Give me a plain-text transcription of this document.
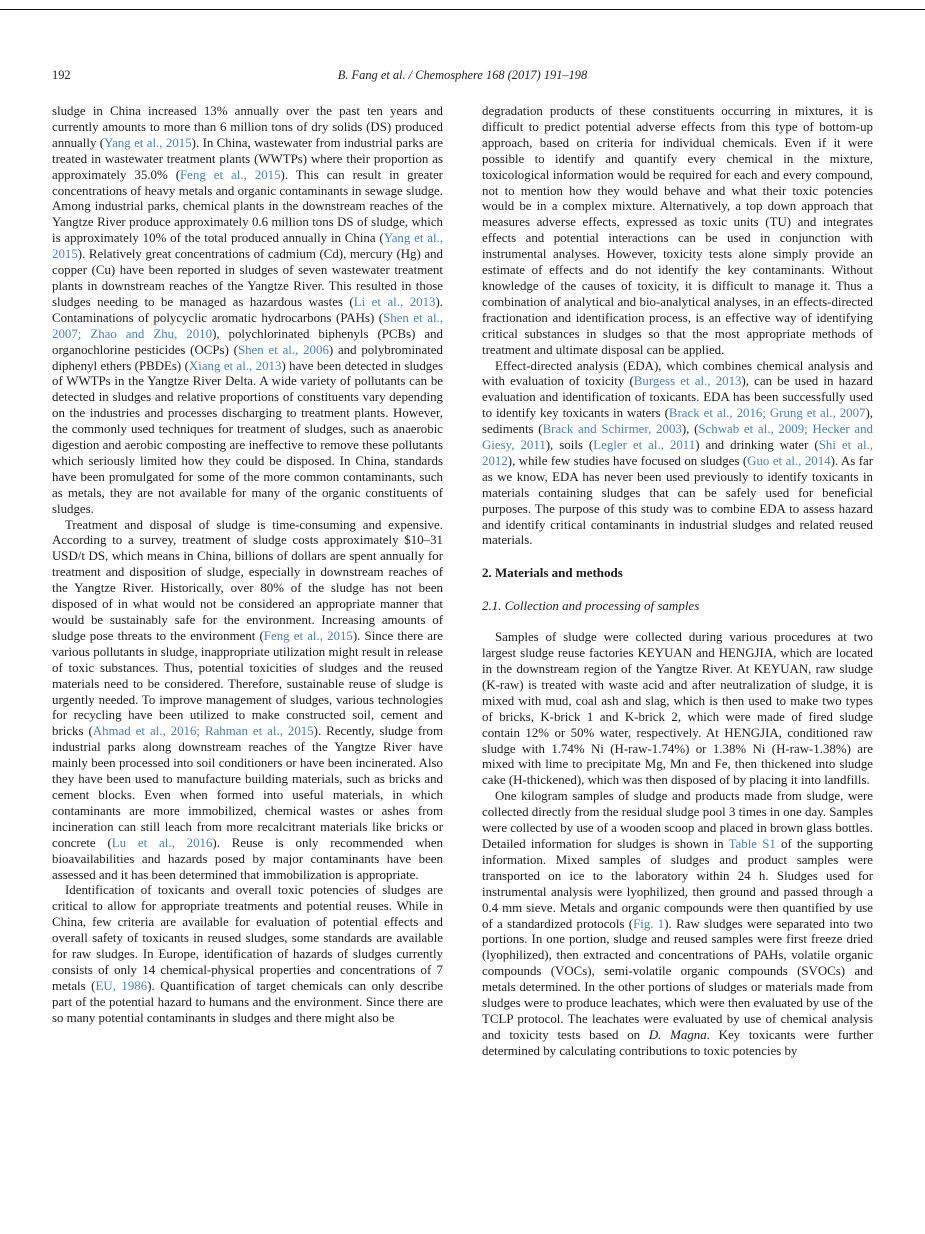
192	B. Fang et al. / Chemosphere 168 (2017) 191–198

sludge in China increased 13% annually over the past ten years and currently amounts to more than 6 million tons of dry solids (DS) produced annually (Yang et al., 2015). In China, wastewater from industrial parks are treated in wastewater treatment plants (WWTPs) where their proportion as approximately 35.0% (Feng et al., 2015). This can result in greater concentrations of heavy metals and organic contaminants in sewage sludge. Among industrial parks, chemical plants in the downstream reaches of the Yangtze River produce approximately 0.6 million tons DS of sludge, which is approximately 10% of the total produced annually in China (Yang et al., 2015). Relatively great concentrations of cadmium (Cd), mercury (Hg) and copper (Cu) have been reported in sludges of seven wastewater treatment plants in downstream reaches of the Yangtze River. This resulted in those sludges needing to be managed as hazardous wastes (Li et al., 2013). Contaminations of polycyclic aromatic hydrocarbons (PAHs) (Shen et al., 2007; Zhao and Zhu, 2010), polychlorinated biphenyls (PCBs) and organochlorine pesticides (OCPs) (Shen et al., 2006) and polybrominated diphenyl ethers (PBDEs) (Xiang et al., 2013) have been detected in sludges of WWTPs in the Yangtze River Delta. A wide variety of pollutants can be detected in sludges and relative proportions of constituents vary depending on the industries and processes discharging to treatment plants. However, the commonly used techniques for treatment of sludges, such as anaerobic digestion and aerobic composting are ineffective to remove these pollutants which seriously limited how they could be disposed. In China, standards have been promulgated for some of the more common contaminants, such as metals, they are not available for many of the organic constituents of sludges.

Treatment and disposal of sludge is time-consuming and expensive. According to a survey, treatment of sludge costs approximately $10–31 USD/t DS, which means in China, billions of dollars are spent annually for treatment and disposition of sludge, especially in downstream reaches of the Yangtze River. Historically, over 80% of the sludge has not been disposed of in what would not be considered an appropriate manner that would be sustainably safe for the environment. Increasing amounts of sludge pose threats to the environment (Feng et al., 2015). Since there are various pollutants in sludge, inappropriate utilization might result in release of toxic substances. Thus, potential toxicities of sludges and the reused materials need to be considered. Therefore, sustainable reuse of sludge is urgently needed. To improve management of sludges, various technologies for recycling have been utilized to make constructed soil, cement and bricks (Ahmad et al., 2016; Rahman et al., 2015). Recently, sludge from industrial parks along downstream reaches of the Yangtze River have mainly been processed into soil conditioners or have been incinerated. Also they have been used to manufacture building materials, such as bricks and cement blocks. Even when formed into useful materials, in which contaminants are more immobilized, chemical wastes or ashes from incineration can still leach from more recalcitrant materials like bricks or concrete (Lu et al., 2016). Reuse is only recommended when bioavailabilities and hazards posed by major contaminants have been assessed and it has been determined that immobilization is appropriate.

Identification of toxicants and overall toxic potencies of sludges are critical to allow for appropriate treatments and potential reuses. While in China, few criteria are available for evaluation of potential effects and overall safety of toxicants in reused sludges, some standards are available for raw sludges. In Europe, identification of hazards of sludges currently consists of only 14 chemical-physical properties and concentrations of 7 metals (EU, 1986). Quantification of target chemicals can only describe part of the potential hazard to humans and the environment. Since there are so many potential contaminants in sludges and there might also be

degradation products of these constituents occurring in mixtures, it is difficult to predict potential adverse effects from this type of bottom-up approach, based on criteria for individual chemicals. Even if it were possible to identify and quantify every chemical in the mixture, toxicological information would be required for each and every compound, not to mention how they would behave and what their toxic potencies would be in a complex mixture. Alternatively, a top down approach that measures adverse effects, expressed as toxic units (TU) and integrates effects and potential interactions can be used in conjunction with instrumental analyses. However, toxicity tests alone simply provide an estimate of effects and do not identify the key contaminants. Without knowledge of the causes of toxicity, it is difficult to manage it. Thus a combination of analytical and bio-analytical analyses, in an effects-directed fractionation and identification process, is an effective way of identifying critical substances in sludges so that the most appropriate methods of treatment and ultimate disposal can be applied.

Effect-directed analysis (EDA), which combines chemical analysis and with evaluation of toxicity (Burgess et al., 2013), can be used in hazard evaluation and identification of toxicants. EDA has been successfully used to identify key toxicants in waters (Brack et al., 2016; Grung et al., 2007), sediments (Brack and Schirmer, 2003), (Schwab et al., 2009; Hecker and Giesy, 2011), soils (Legler et al., 2011) and drinking water (Shi et al., 2012), while few studies have focused on sludges (Guo et al., 2014). As far as we know, EDA has never been used previously to identify toxicants in materials containing sludges that can be safely used for beneficial purposes. The purpose of this study was to combine EDA to assess hazard and identify critical contaminants in industrial sludges and related reused materials.

2. Materials and methods
2.1. Collection and processing of samples

Samples of sludge were collected during various procedures at two largest sludge reuse factories KEYUAN and HENGJIA, which are located in the downstream region of the Yangtze River. At KEYUAN, raw sludge (K-raw) is treated with waste acid and after neutralization of sludge, it is mixed with mud, coal ash and slag, which is then used to make two types of bricks, K-brick 1 and K-brick 2, which were made of fired sludge contain 12% or 50% water, respectively. At HENGJIA, conditioned raw sludge with 1.74% Ni (H-raw-1.74%) or 1.38% Ni (H-raw-1.38%) are mixed with lime to precipitate Mg, Mn and Fe, then thickened into sludge cake (H-thickened), which was then disposed of by placing it into landfills.

One kilogram samples of sludge and products made from sludge, were collected directly from the residual sludge pool 3 times in one day. Samples were collected by use of a wooden scoop and placed in brown glass bottles. Detailed information for sludges is shown in Table S1 of the supporting information. Mixed samples of sludges and product samples were transported on ice to the laboratory within 24 h. Sludges used for instrumental analysis were lyophilized, then ground and passed through a 0.4 mm sieve. Metals and organic compounds were then quantified by use of a standardized protocols (Fig. 1). Raw sludges were separated into two portions. In one portion, sludge and reused samples were first freeze dried (lyophilized), then extracted and concentrations of PAHs, volatile organic compounds (VOCs), semi-volatile organic compounds (SVOCs) and metals determined. In the other portions of sludges or materials made from sludges were to produce leachates, which were then evaluated by use of the TCLP protocol. The leachates were evaluated by use of chemical analysis and toxicity tests based on D. Magna. Key toxicants were further determined by calculating contributions to toxic potencies by
